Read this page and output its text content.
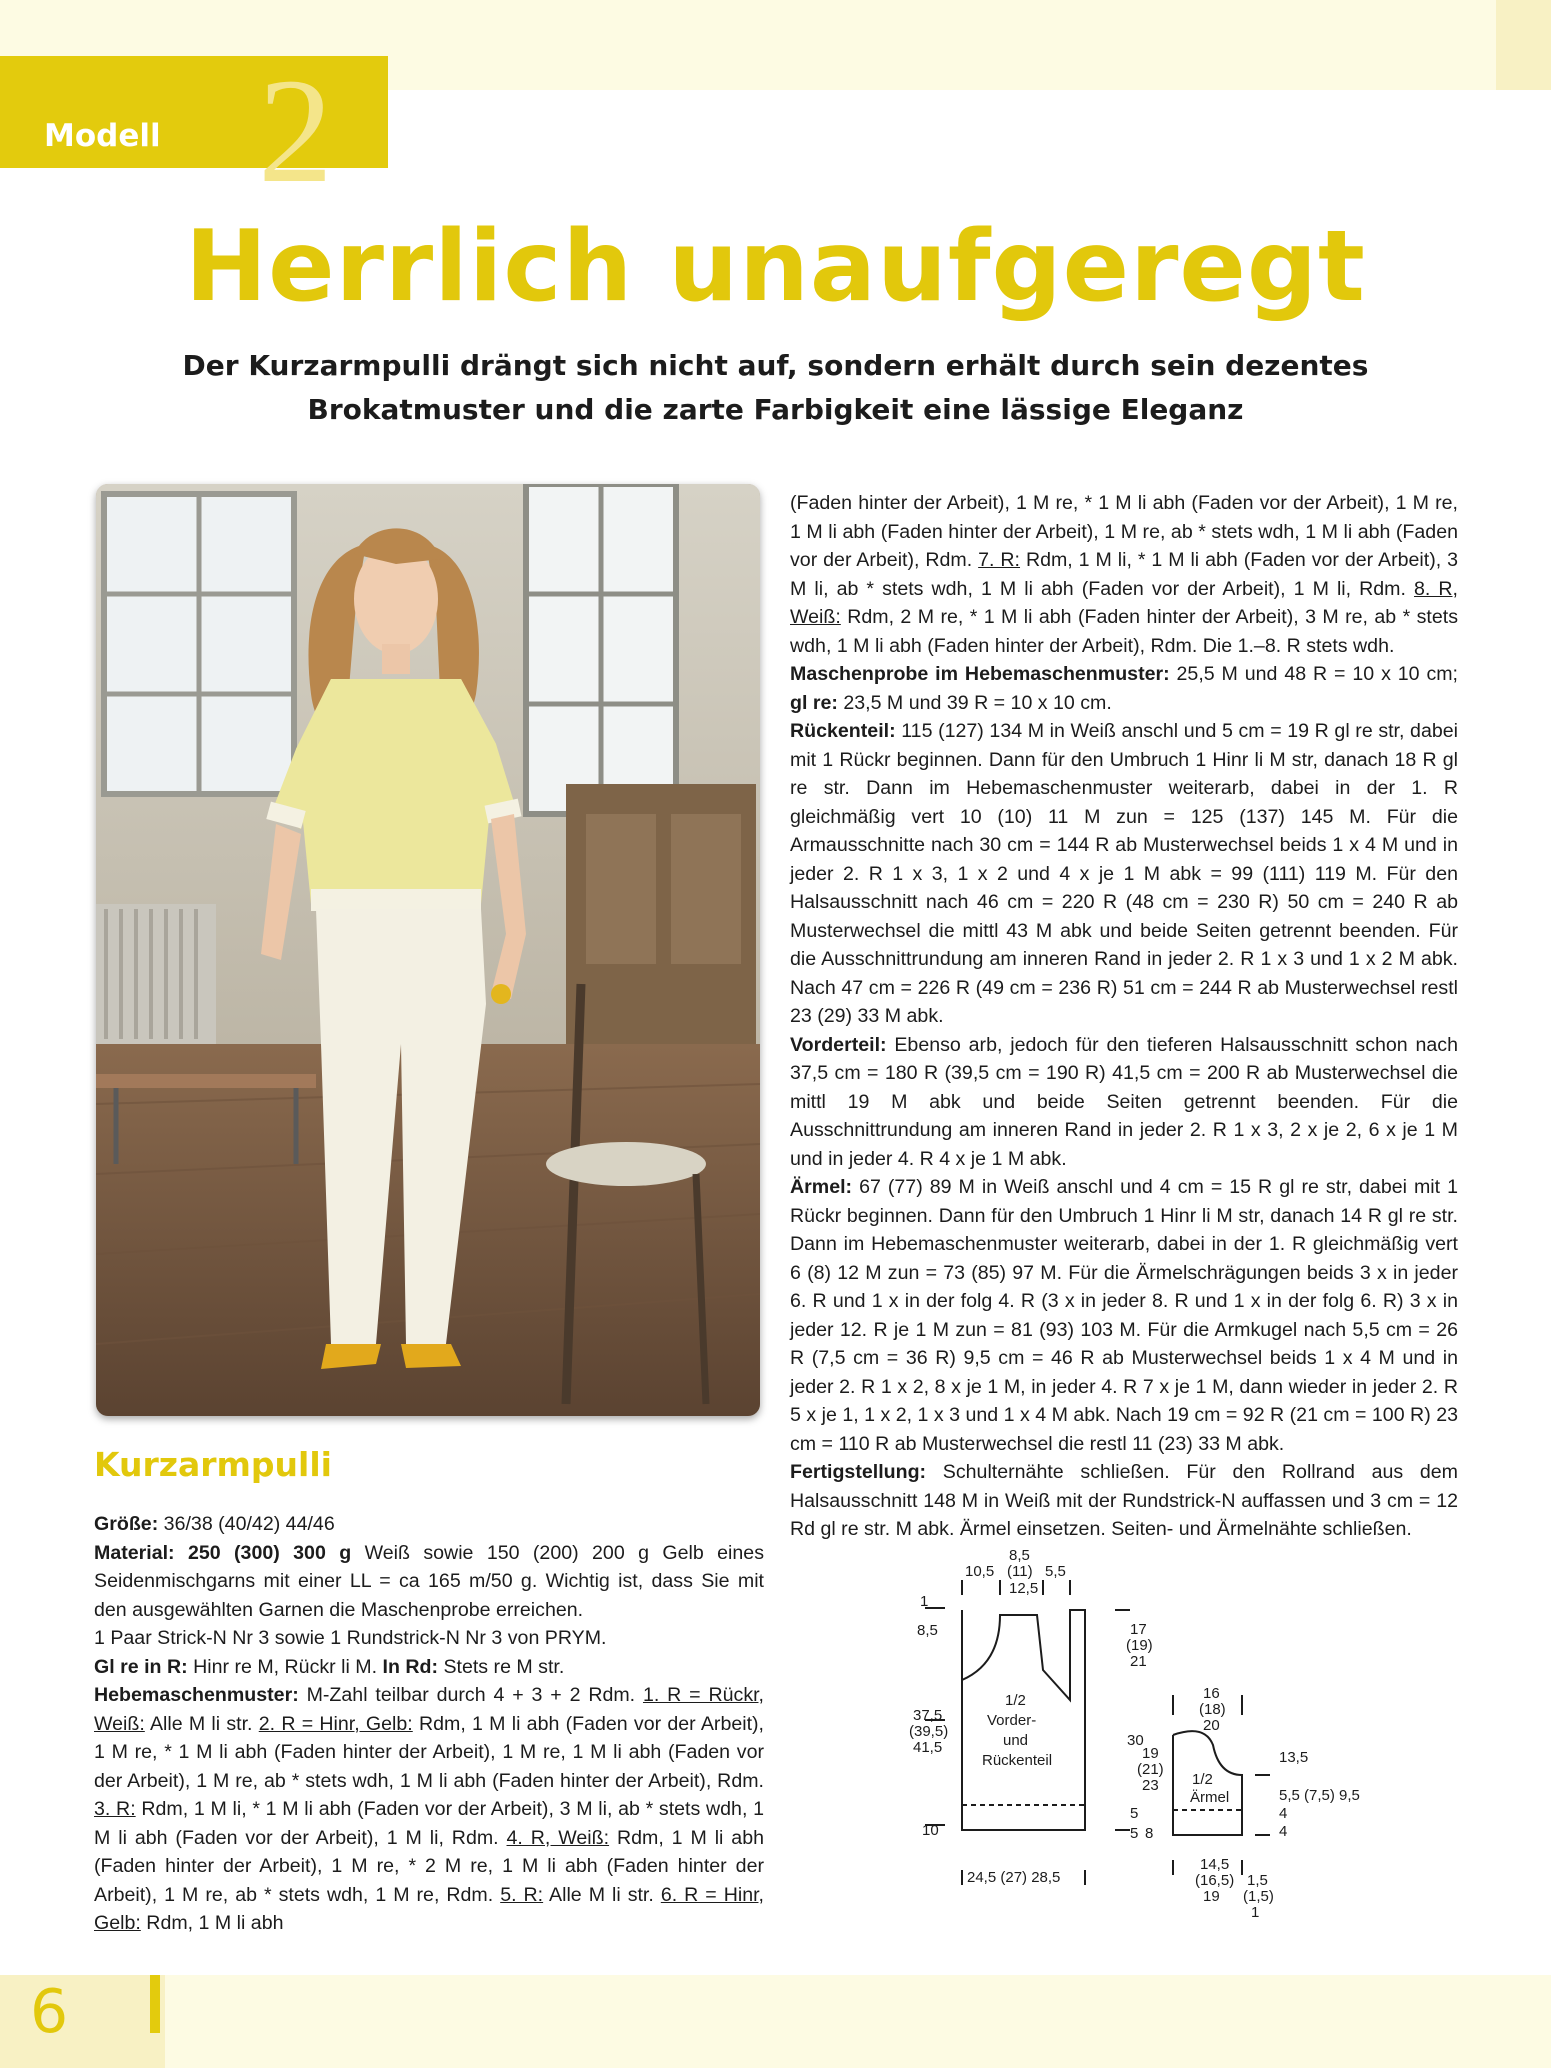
Modell 2
Herrlich unaufgeregt

Der Kurzarmpulli drängt sich nicht auf, sondern erhält durch sein dezentes Brokatmuster und die zarte Farbigkeit eine lässige Eleganz

Kurzarmpulli

Größe: 36/38 (40/42) 44/46

Material: 250 (300) 300 g Weiß sowie 150 (200) 200 g Gelb eines Seidenmischgarns mit einer LL = ca 165 m/50 g. Wichtig ist, dass Sie mit den ausgewählten Garnen die Maschenprobe erreichen.

1 Paar Strick-N Nr 3 sowie 1 Rundstrick-N Nr 3 von PRYM.

Gl re in R: Hinr re M, Rückr li M. In Rd: Stets re M str.

Hebemaschenmuster: M-Zahl teilbar durch 4 + 3 + 2 Rdm. 1. R = Rückr, Weiß: Alle M li str. 2. R = Hinr, Gelb: Rdm, 1 M li abh (Faden vor der Arbeit), 1 M re, * 1 M li abh (Faden hinter der Arbeit), 1 M re, 1 M li abh (Faden vor der Arbeit), 1 M re, ab * stets wdh, 1 M li abh (Faden hinter der Arbeit), Rdm. 3. R: Rdm, 1 M li, * 1 M li abh (Faden vor der Arbeit), 3 M li, ab * stets wdh, 1 M li abh (Faden vor der Arbeit), 1 M li, Rdm. 4. R, Weiß: Rdm, 1 M li abh (Faden hinter der Arbeit), 1 M re, * 2 M re, 1 M li abh (Faden hinter der Arbeit), 1 M re, ab * stets wdh, 1 M re, Rdm. 5. R: Alle M li str. 6. R = Hinr, Gelb: Rdm, 1 M li abh

(Faden hinter der Arbeit), 1 M re, * 1 M li abh (Faden vor der Arbeit), 1 M re, 1 M li abh (Faden hinter der Arbeit), 1 M re, ab * stets wdh, 1 M li abh (Faden vor der Arbeit), Rdm. 7. R: Rdm, 1 M li, * 1 M li abh (Faden vor der Arbeit), 3 M li, ab * stets wdh, 1 M li abh (Faden vor der Arbeit), 1 M li, Rdm. 8. R, Weiß: Rdm, 2 M re, * 1 M li abh (Faden hinter der Arbeit), 3 M re, ab * stets wdh, 1 M li abh (Faden hinter der Arbeit), Rdm. Die 1.–8. R stets wdh.

Maschenprobe im Hebemaschenmuster: 25,5 M und 48 R = 10 x 10 cm; gl re: 23,5 M und 39 R = 10 x 10 cm.

Rückenteil: 115 (127) 134 M in Weiß anschl und 5 cm = 19 R gl re str, dabei mit 1 Rückr beginnen. Dann für den Umbruch 1 Hinr li M str, danach 18 R gl re str. Dann im Hebemaschenmuster weiterarb, dabei in der 1. R gleichmäßig vert 10 (10) 11 M zun = 125 (137) 145 M. Für die Armausschnitte nach 30 cm = 144 R ab Musterwechsel beids 1 x 4 M und in jeder 2. R 1 x 3, 1 x 2 und 4 x je 1 M abk = 99 (111) 119 M. Für den Halsausschnitt nach 46 cm = 220 R (48 cm = 230 R) 50 cm = 240 R ab Musterwechsel die mittl 43 M abk und beide Seiten getrennt beenden. Für die Ausschnittrundung am inneren Rand in jeder 2. R 1 x 3 und 1 x 2 M abk. Nach 47 cm = 226 R (49 cm = 236 R) 51 cm = 244 R ab Musterwechsel restl 23 (29) 33 M abk.

Vorderteil: Ebenso arb, jedoch für den tieferen Halsausschnitt schon nach 37,5 cm = 180 R (39,5 cm = 190 R) 41,5 cm = 200 R ab Musterwechsel die mittl 19 M abk und beide Seiten getrennt beenden. Für die Ausschnittrundung am inneren Rand in jeder 2. R 1 x 3, 2 x je 2, 6 x je 1 M und in jeder 4. R 4 x je 1 M abk.

Ärmel: 67 (77) 89 M in Weiß anschl und 4 cm = 15 R gl re str, dabei mit 1 Rückr beginnen. Dann für den Umbruch 1 Hinr li M str, danach 14 R gl re str. Dann im Hebemaschenmuster weiterarb, dabei in der 1. R gleichmäßig vert 6 (8) 12 M zun = 73 (85) 97 M. Für die Ärmelschrägungen beids 3 x in jeder 6. R und 1 x in der folg 4. R (3 x in jeder 8. R und 1 x in der folg 6. R) 3 x in jeder 12. R je 1 M zun = 81 (93) 103 M. Für die Armkugel nach 5,5 cm = 26 R (7,5 cm = 36 R) 9,5 cm = 46 R ab Musterwechsel beids 1 x 4 M und in jeder 2. R 1 x 2, 8 x je 1 M, in jeder 4. R 7 x je 1 M, dann wieder in jeder 2. R 5 x je 1, 1 x 2, 1 x 3 und 1 x 4 M abk. Nach 19 cm = 92 R (21 cm = 100 R) 23 cm = 110 R ab Musterwechsel die restl 11 (23) 33 M abk.

Fertigstellung: Schulternähte schließen. Für den Rollrand aus dem Halsausschnitt 148 M in Weiß mit der Rundstrick-N auffassen und 3 cm = 12 Rd gl re str. M abk. Ärmel einsetzen. Seiten- und Ärmelnähte schließen.

8,5
10,5 (11) 5,5
12,5
1
8,5
37,5
(39,5)
41,5
10
17
(19)
21
30
5
5
24,5 (27) 28,5
1/2
Vorder-
und
Rückenteil
16
(18)
20
19
(21)
23
8
13,5
5,5 (7,5) 9,5
4
4
14,5
(16,5)
19
1,5
(1,5)
1
1/2
Ärmel
6
